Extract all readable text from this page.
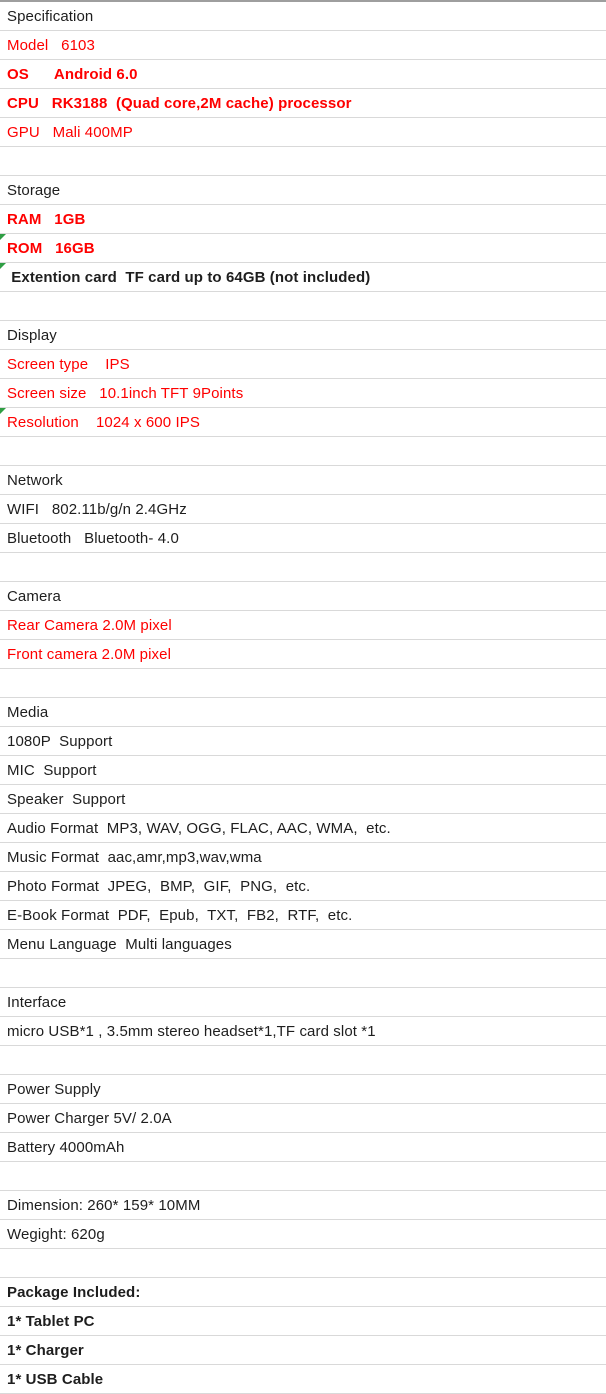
Specification
Model   6103
OS      Android 6.0
CPU   RK3188  (Quad core,2M cache) processor
GPU   Mali 400MP
Storage
RAM   1GB
ROM   16GB
Extention card  TF card up to 64GB (not included)
Display
Screen type    IPS
Screen size   10.1inch TFT 9Points
Resolution    1024 x 600 IPS
Network
WIFI   802.11b/g/n 2.4GHz
Bluetooth   Bluetooth- 4.0
Camera
Rear Camera 2.0M pixel
Front camera 2.0M pixel
Media
1080P  Support
MIC  Support
Speaker  Support
Audio Format  MP3, WAV, OGG, FLAC, AAC, WMA,  etc.
Music Format  aac,amr,mp3,wav,wma
Photo Format  JPEG,  BMP,  GIF,  PNG,  etc.
E-Book Format  PDF,  Epub,  TXT,  FB2,  RTF,  etc.
Menu Language  Multi languages
Interface
micro USB*1 , 3.5mm stereo headset*1,TF card slot *1
Power Supply
Power Charger 5V/ 2.0A
Battery 4000mAh
Dimension: 260* 159* 10MM
Wegight: 620g
Package Included:
1* Tablet PC
1* Charger
1* USB Cable
